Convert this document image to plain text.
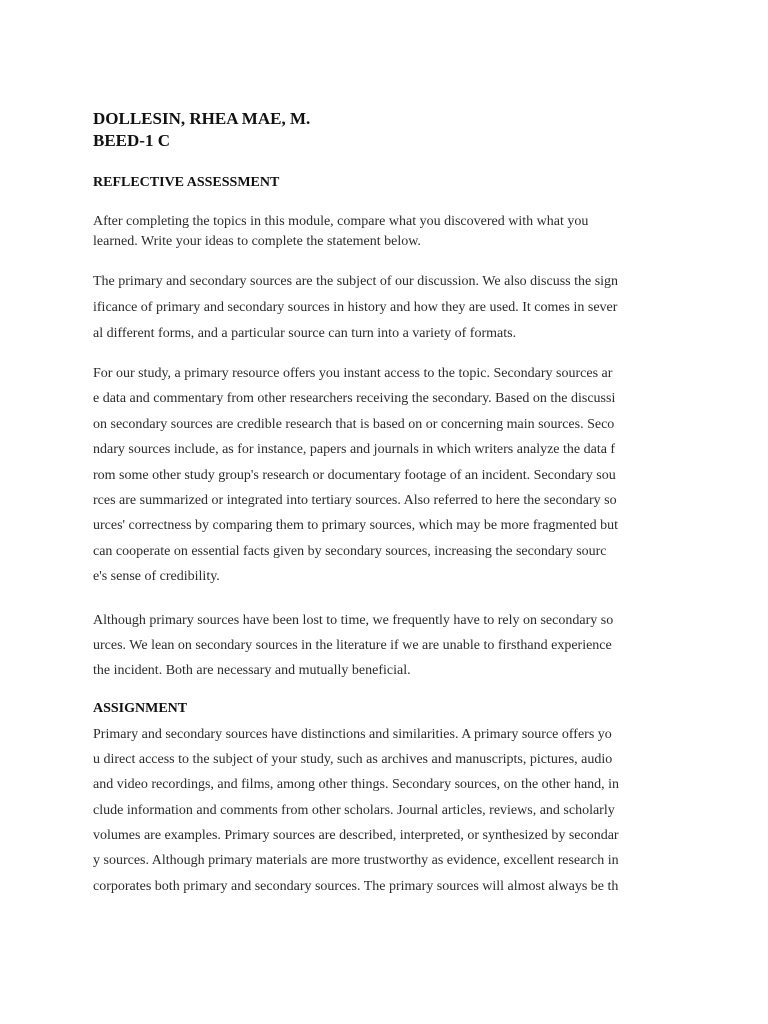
DOLLESIN, RHEA MAE, M.

BEED-1 C

REFLECTIVE ASSESSMENT

After completing the topics in this module, compare what you discovered with what you
learned. Write your ideas to complete the statement below.

The primary and secondary sources are the subject of our discussion. We also discuss the sign
ificance of primary and secondary sources in history and how they are used. It comes in sever
al different forms, and a particular source can turn into a variety of formats.

For our study, a primary resource offers you instant access to the topic. Secondary sources ar
e data and commentary from other researchers receiving the secondary. Based on the discussi
on secondary sources are credible research that is based on or concerning main sources. Seco
ndary sources include, as for instance, papers and journals in which writers analyze the data f
rom some other study group's research or documentary footage of an incident. Secondary sou
rces are summarized or integrated into tertiary sources. Also referred to here the secondary so
urces' correctness by comparing them to primary sources, which may be more fragmented but
can cooperate on essential facts given by secondary sources, increasing the secondary sourc
e's sense of credibility.

Although primary sources have been lost to time, we frequently have to rely on secondary so
urces. We lean on secondary sources in the literature if we are unable to firsthand experience
the incident. Both are necessary and mutually beneficial.

ASSIGNMENT

Primary and secondary sources have distinctions and similarities. A primary source offers yo
u direct access to the subject of your study, such as archives and manuscripts, pictures, audio
and video recordings, and films, among other things. Secondary sources, on the other hand, in
clude information and comments from other scholars. Journal articles, reviews, and scholarly
volumes are examples. Primary sources are described, interpreted, or synthesized by secondar
y sources. Although primary materials are more trustworthy as evidence, excellent research in
corporates both primary and secondary sources. The primary sources will almost always be th
